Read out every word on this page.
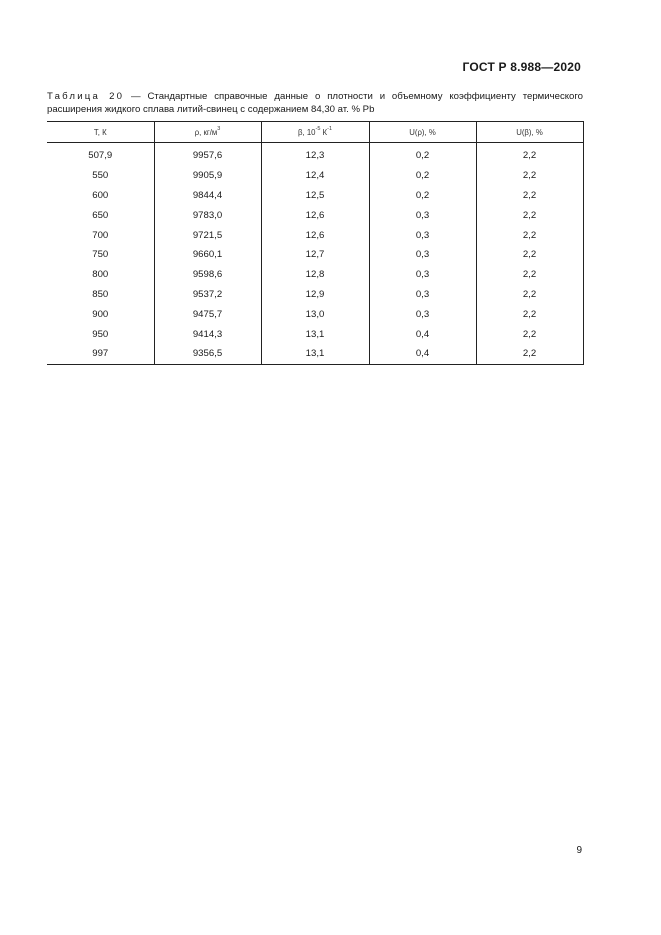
ГОСТ Р 8.988—2020
Таблица 20 — Стандартные справочные данные о плотности и объемному коэффициенту термического расширения жидкого сплава литий-свинец с содержанием 84,30 ат. % Pb
T, К	ρ, $кг/м^3$	β, $10^{-5}$ $К^{-1}$	U(ρ), %	U(β), %
507,9	9957,6	12,3	0,2	2,2
550	9905,9	12,4	0,2	2,2
600	9844,4	12,5	0,2	2,2
650	9783,0	12,6	0,3	2,2
700	9721,5	12,6	0,3	2,2
750	9660,1	12,7	0,3	2,2
800	9598,6	12,8	0,3	2,2
850	9537,2	12,9	0,3	2,2
900	9475,7	13,0	0,3	2,2
950	9414,3	13,1	0,4	2,2
997	9356,5	13,1	0,4	2,2
9
